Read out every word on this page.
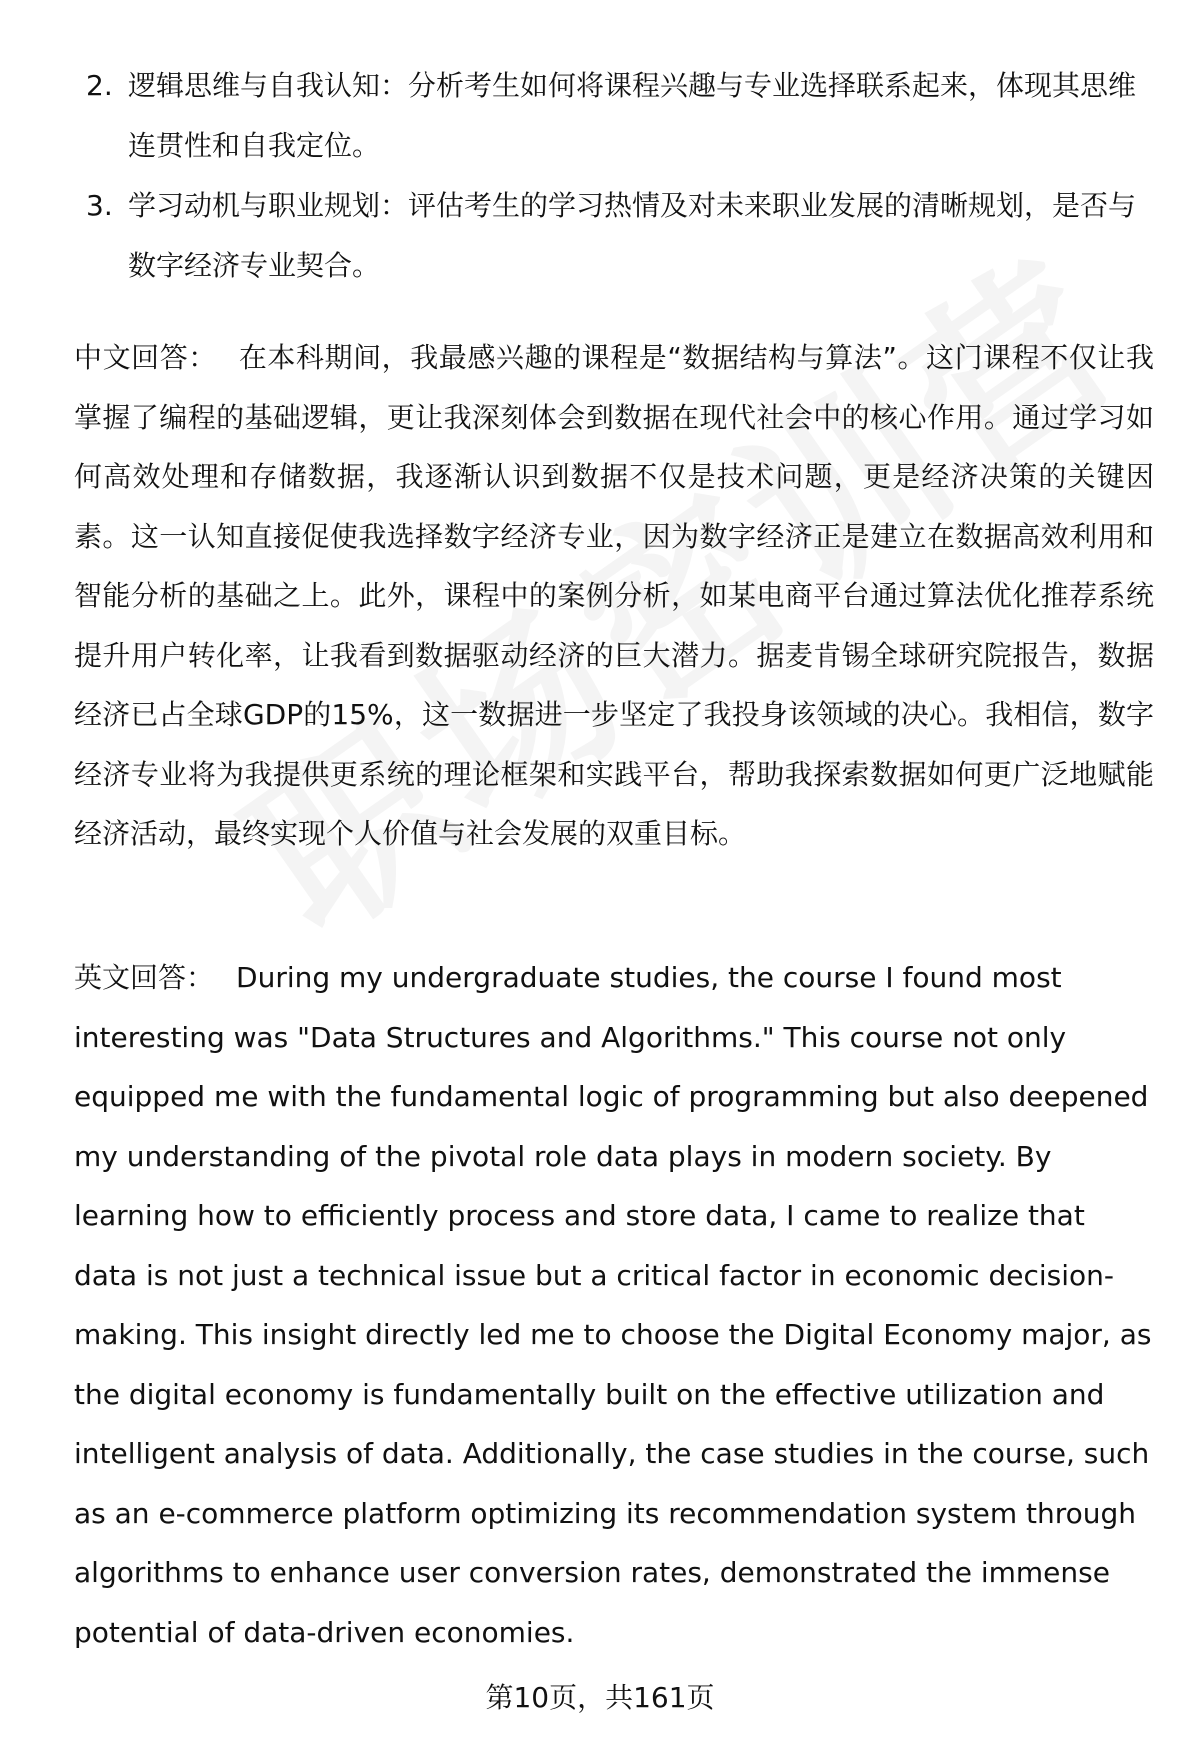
2. 逻辑思维与自我认知：分析考生如何将课程兴趣与专业选择联系起来，体现其思维连贯性和自我定位。
3. 学习动机与职业规划：评估考生的学习热情及对未来职业发展的清晰规划，是否与数字经济专业契合。

中文回答： 在本科期间，我最感兴趣的课程是“数据结构与算法”。这门课程不仅让我掌握了编程的基础逻辑，更让我深刻体会到数据在现代社会中的核心作用。通过学习如何高效处理和存储数据，我逐渐认识到数据不仅是技术问题，更是经济决策的关键因素。这一认知直接促使我选择数字经济专业，因为数字经济正是建立在数据高效利用和智能分析的基础之上。此外，课程中的案例分析，如某电商平台通过算法优化推荐系统提升用户转化率，让我看到数据驱动经济的巨大潜力。据麦肯锡全球研究院报告，数据经济已占全球GDP的15%，这一数据进一步坚定了我投身该领域的决心。我相信，数字经济专业将为我提供更系统的理论框架和实践平台，帮助我探索数据如何更广泛地赋能经济活动，最终实现个人价值与社会发展的双重目标。

英文回答： During my undergraduate studies, the course I found most interesting was "Data Structures and Algorithms." This course not only equipped me with the fundamental logic of programming but also deepened my understanding of the pivotal role data plays in modern society. By learning how to efficiently process and store data, I came to realize that data is not just a technical issue but a critical factor in economic decision-making. This insight directly led me to choose the Digital Economy major, as the digital economy is fundamentally built on the effective utilization and intelligent analysis of data. Additionally, the case studies in the course, such as an e-commerce platform optimizing its recommendation system through algorithms to enhance user conversion rates, demonstrated the immense potential of data-driven economies.

第10页，共161页
